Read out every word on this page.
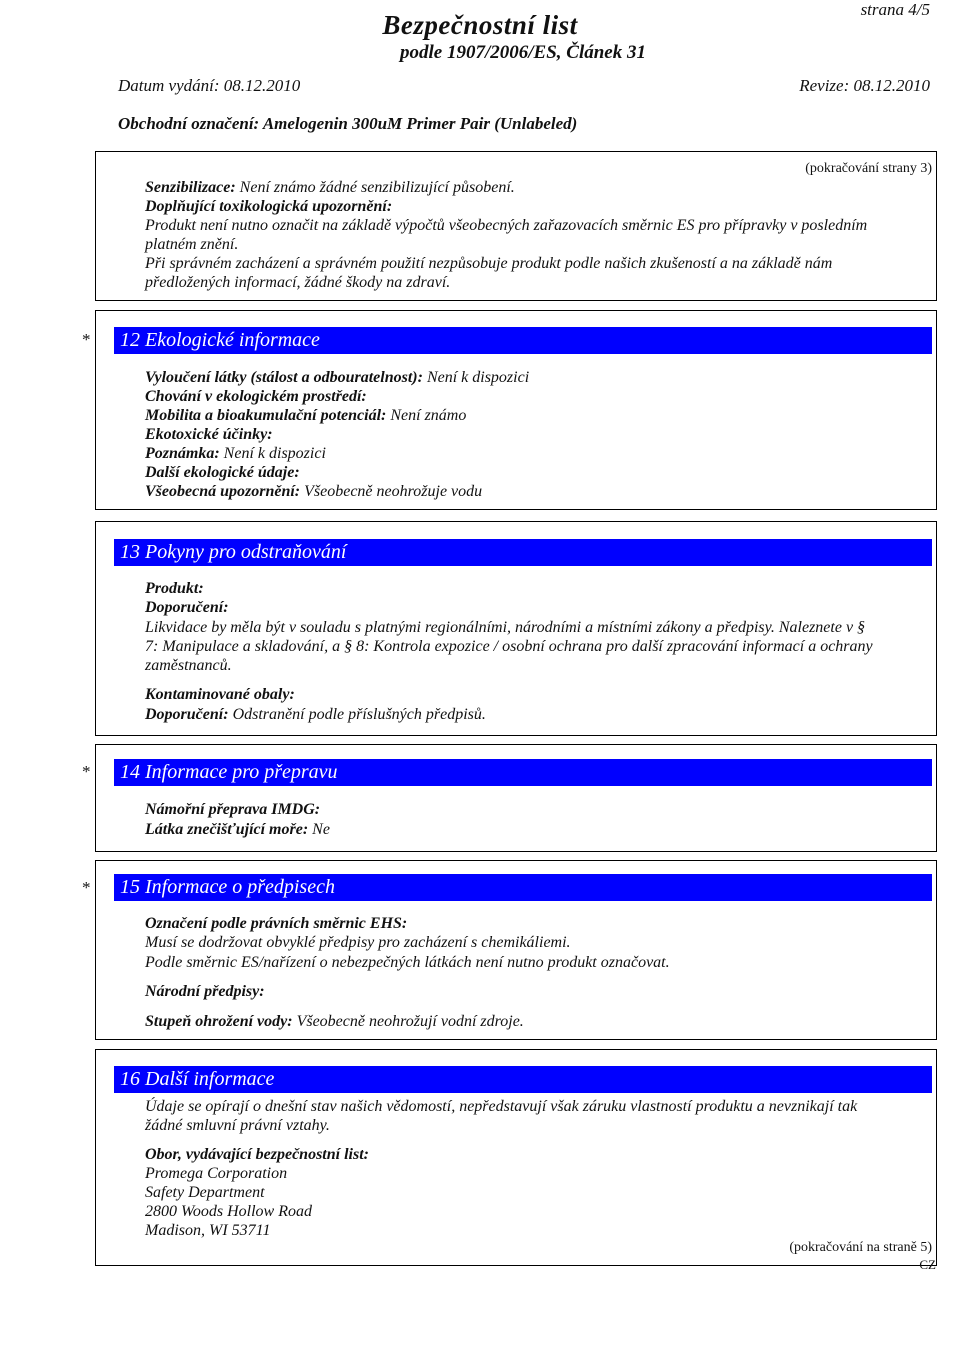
strana 4/5
Bezpečnostní list
podle 1907/2006/ES, Článek 31
Datum vydání: 08.12.2010	Revize: 08.12.2010
Obchodní označení: Amelogenin 300uM Primer Pair (Unlabeled)
(pokračování strany 3)
Senzibilizace: Není známo žádné senzibilizující působení.
Doplňující toxikologická upozornění:
Produkt není nutno označit na základě výpočtů všeobecných zařazovacích směrnic ES pro přípravky v posledním
platném znění.
Při správném zacházení a správném použití nezpůsobuje produkt podle našich zkušeností a na základě nám
předložených informací, žádné škody na zdraví.
*	12 Ekologické informace
Vyloučení látky (stálost a odbouratelnost): Není k dispozici
Chování v ekologickém prostředí:
Mobilita a bioakumulační potenciál: Není známo
Ekotoxické účinky:
Poznámka: Není k dispozici
Další ekologické údaje:
Všeobecná upozornění: Všeobecně neohrožuje vodu
13 Pokyny pro odstraňování
Produkt:
Doporučení:
Likvidace by měla být v souladu s platnými regionálními, národními a místními zákony a předpisy. Naleznete v §
7: Manipulace a skladování, a § 8: Kontrola expozice / osobní ochrana pro další zpracování informací a ochrany
zaměstnanců.
Kontaminované obaly:
Doporučení: Odstranění podle příslušných předpisů.
*	14 Informace pro přepravu
Námořní přeprava IMDG:
Látka znečišťující moře: Ne
*	15 Informace o předpisech
Označení podle právních směrnic EHS:
Musí se dodržovat obvyklé předpisy pro zacházení s chemikáliemi.
Podle směrnic ES/nařízení o nebezpečných látkách není nutno produkt označovat.
Národní předpisy:
Stupeň ohrožení vody: Všeobecně neohrožují vodní zdroje.
16 Další informace
Údaje se opírají o dnešní stav našich vědomostí, nepředstavují však záruku vlastností produktu a nevznikají tak
žádné smluvní právní vztahy.
Obor, vydávající bezpečnostní list:
Promega Corporation
Safety Department
2800 Woods Hollow Road
Madison, WI 53711
(pokračování na straně 5)
CZ
